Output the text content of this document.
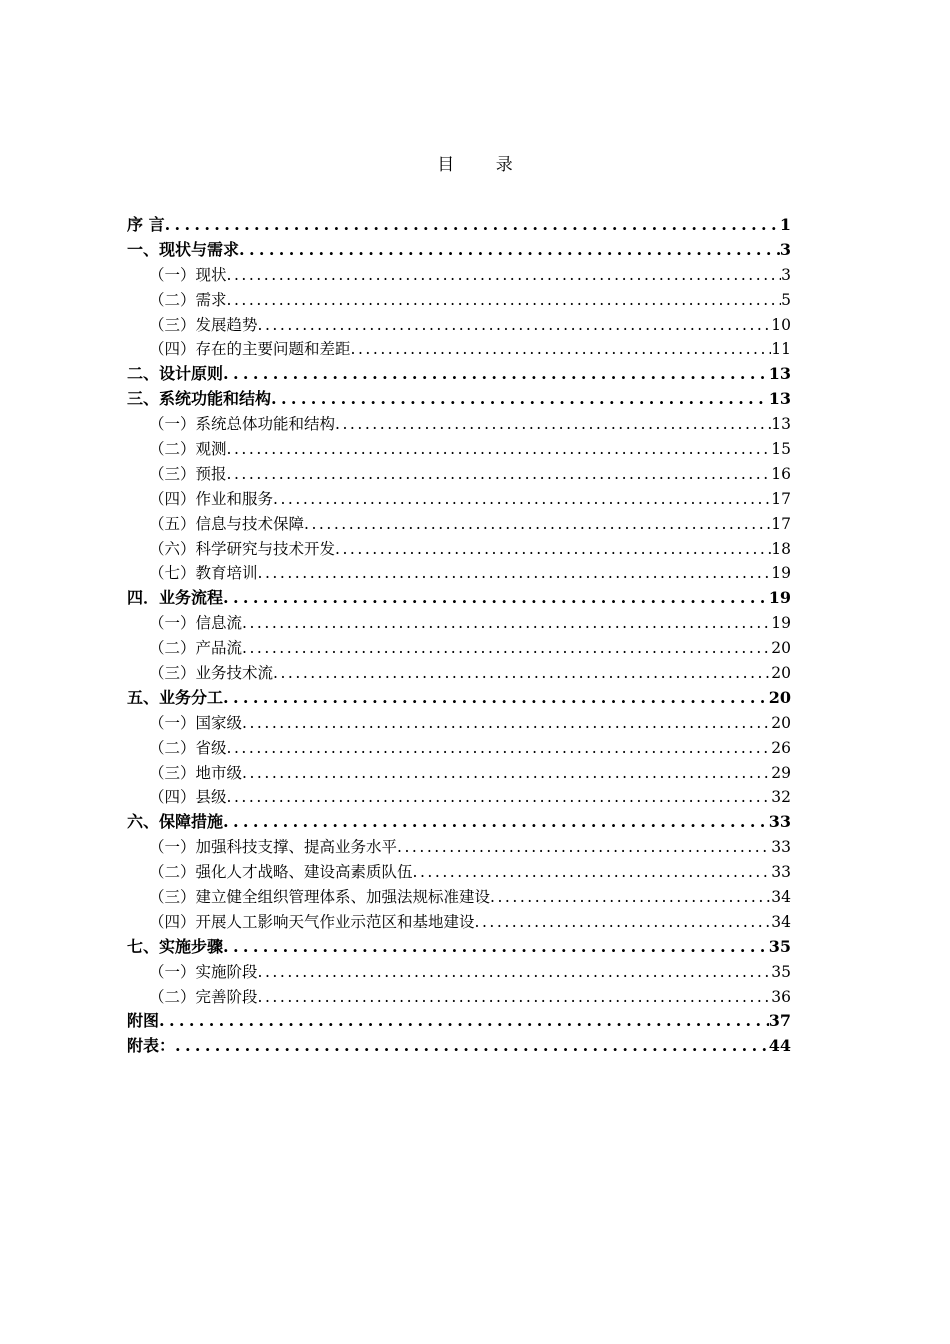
目 录
序 言 . . .	1
一、现状与需求 . . .	3
（一）现状 . . .	3
（二）需求 . . .	5
（三）发展趋势 . . .	10
（四）存在的主要问题和差距 . . .	11
二、设计原则 . . .	13
三、系统功能和结构 . . .	13
（一）系统总体功能和结构 . . .	13
（二）观测 . . .	15
（三）预报 . . .	16
（四）作业和服务 . . .	17
（五）信息与技术保障 . . .	17
（六）科学研究与技术开发 . . .	18
（七）教育培训 . . .	19
四．业务流程 . . .	19
（一）信息流 . . .	19
（二）产品流 . . .	20
（三）业务技术流 . . .	20
五、业务分工 . . .	20
（一）国家级 . . .	20
（二）省级 . . .	26
（三）地市级 . . .	29
（四）县级 . . .	32
六、保障措施 . . .	33
（一）加强科技支撑、提高业务水平 . . .	33
（二）强化人才战略、建设高素质队伍 . . .	33
（三）建立健全组织管理体系、加强法规标准建设 . . .	34
（四）开展人工影响天气作业示范区和基地建设 . . .	34
七、实施步骤 . . .	35
（一）实施阶段 . . .	35
（二）完善阶段 . . .	36
附图 . . .	37
附表： . . .	44
